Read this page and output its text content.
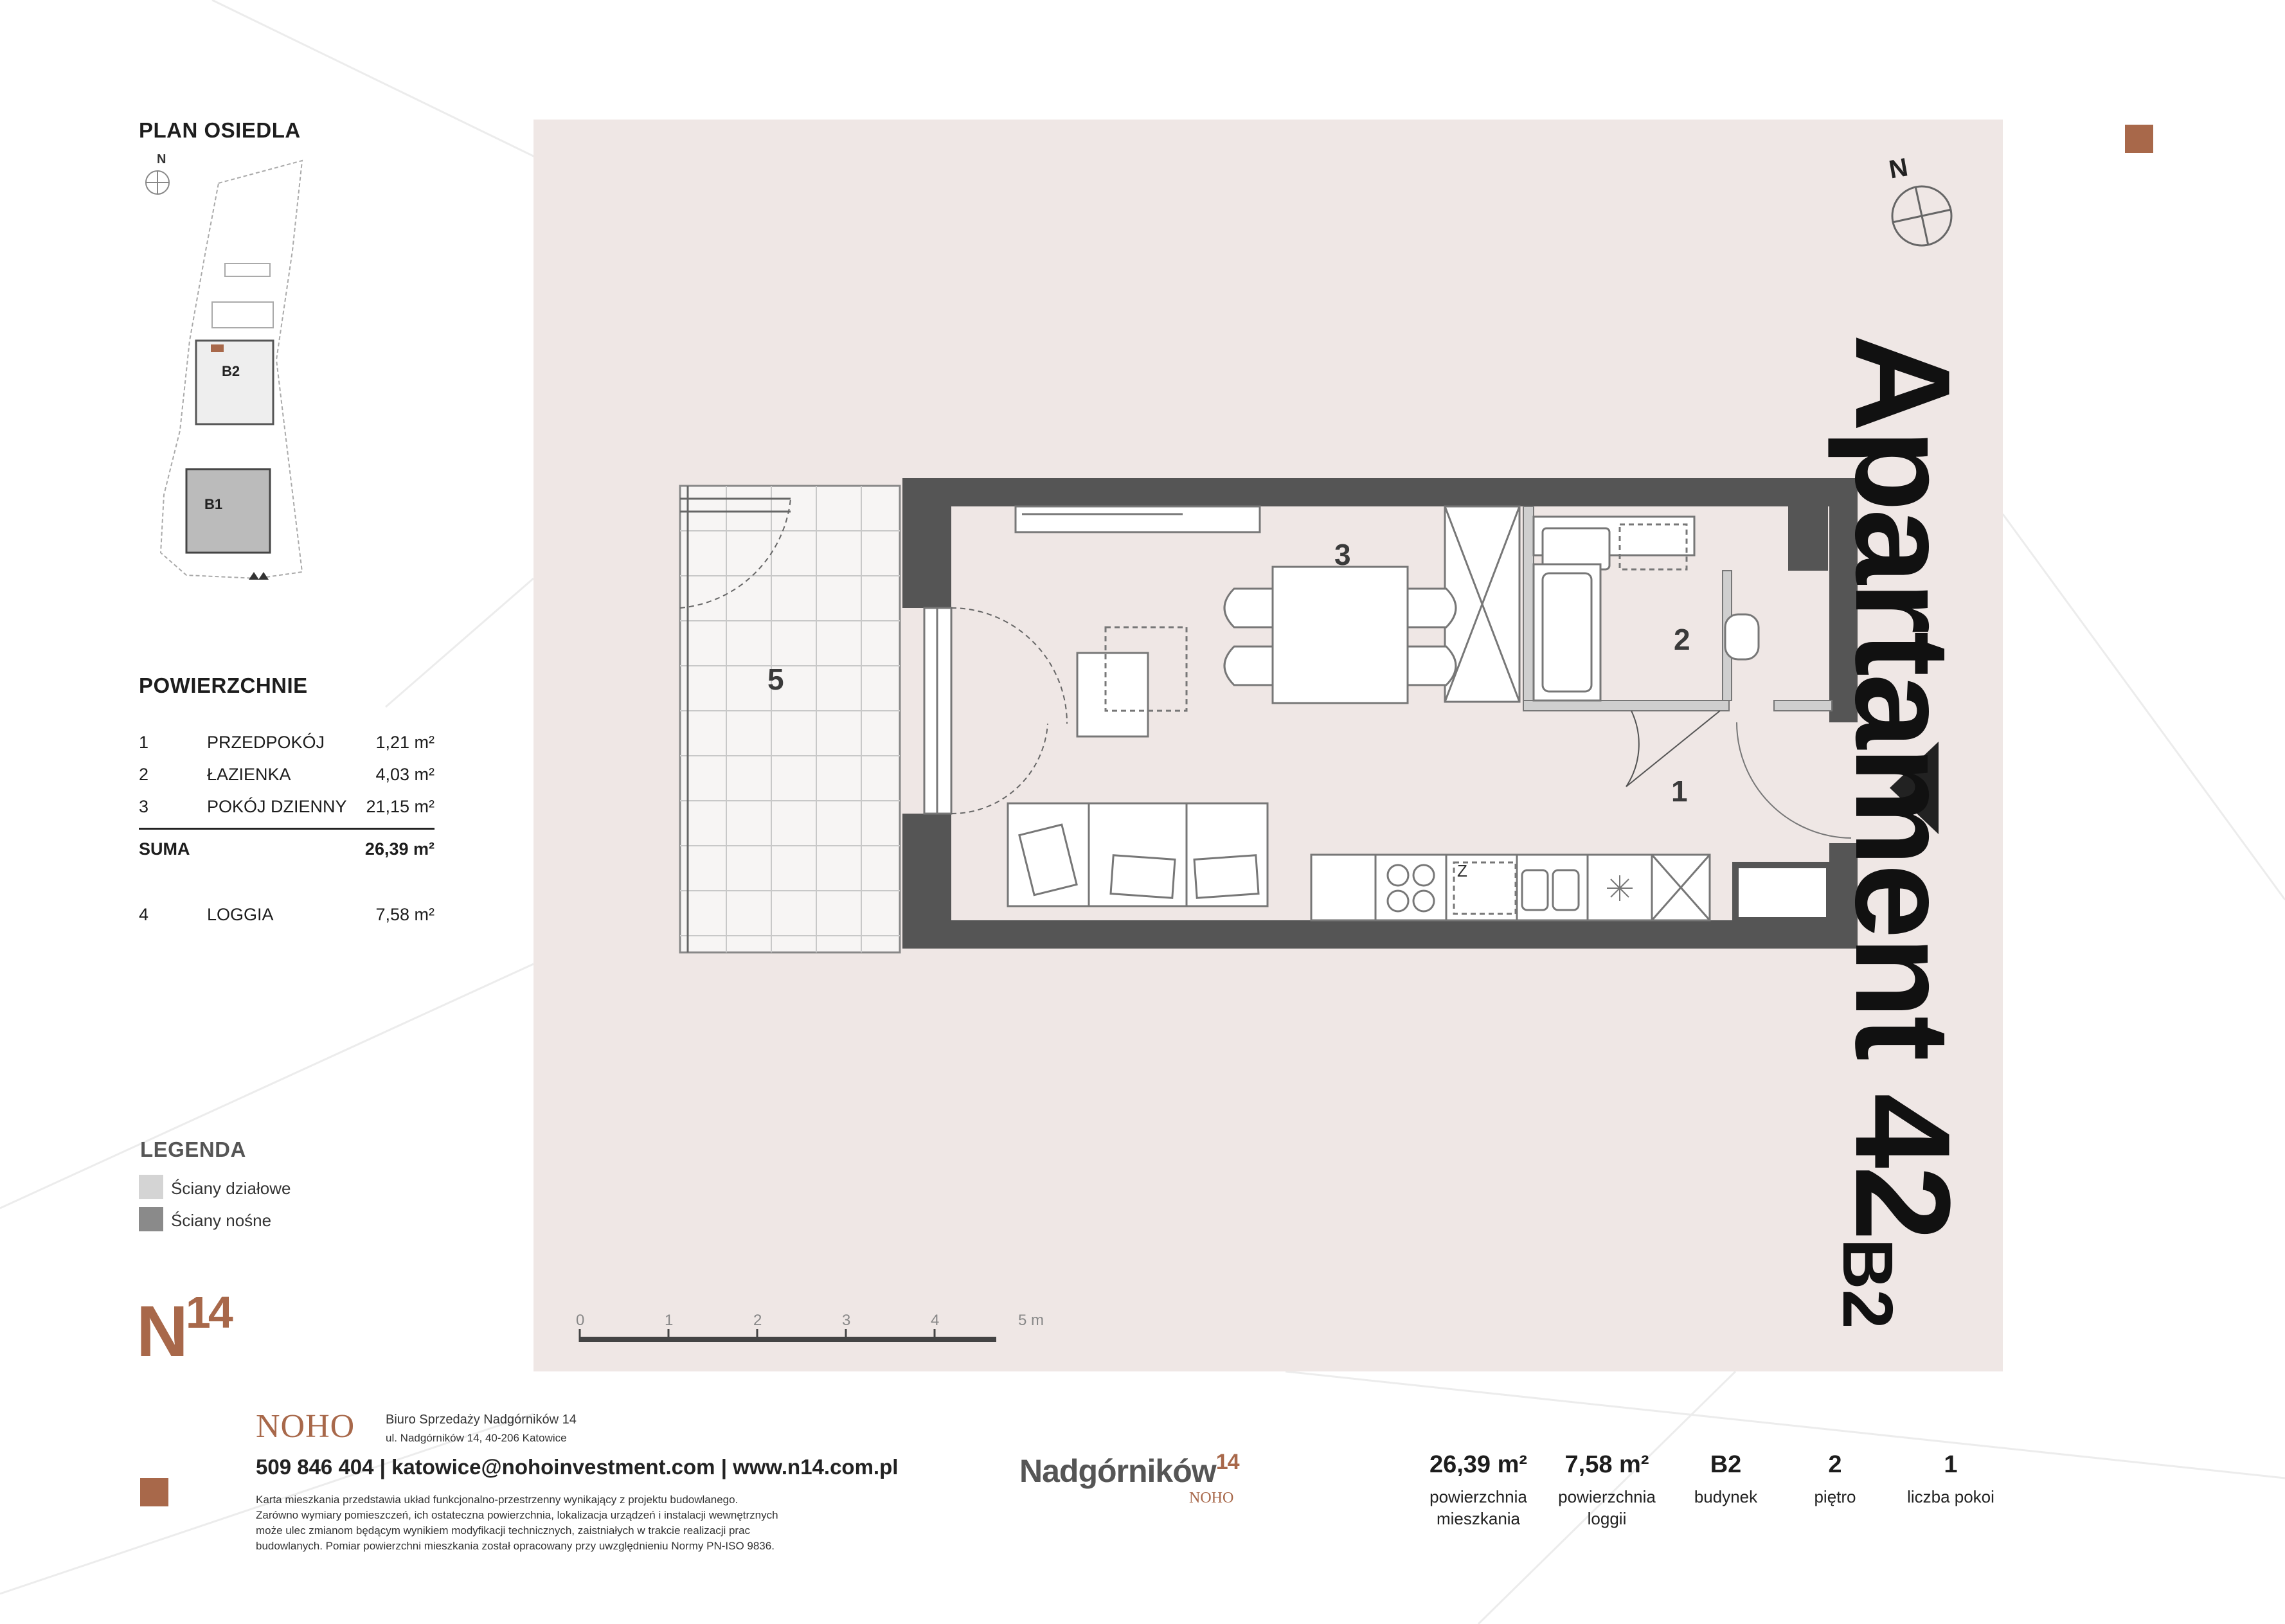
PLAN OSIEDLA
N
B2
B1
POWIERZCHNIE
1	PRZEDPOKÓJ	1,21 m²
2	ŁAZIENKA	4,03 m²
3	POKÓJ DZIENNY 21,15 m²
SUMA	26,39 m²
4	LOGGIA	7,58 m²
LEGENDA
Ściany działowe
Ściany nośne
$N^{14}$
N
Z
0	1	2	3	4	5 m
3
2
1
5	Apartament $42^{B2}$
NOHO Biuro Sprzedaży Nadgórników 14
ul. Nadgórników 14, 40-206 Katowice
509 846 404 | katowice@nohoinvestment.com | www.n14.com.pl
Karta mieszkania przedstawia układ funkcjonalno-przestrzenny wynikający z projektu budowlanego.
Zarówno wymiary pomieszczeń, ich ostateczna powierzchnia, lokalizacja urządzeń i instalacji wewnętrznych
może ulec zmianom będącym wynikiem modyfikacji technicznych, zaistniałych w trakcie realizacji prac
budowlanych. Pomiar powierzchni mieszkania został opracowany przy uwzględnieniu Normy PN-ISO 9836.
Nadgórników$^{14}$
NOHO
26,39 m²
powierzchnia
mieszkania
7,58 m²
powierzchnia
loggii
B2
budynek
2
piętro
1
liczba pokoi
